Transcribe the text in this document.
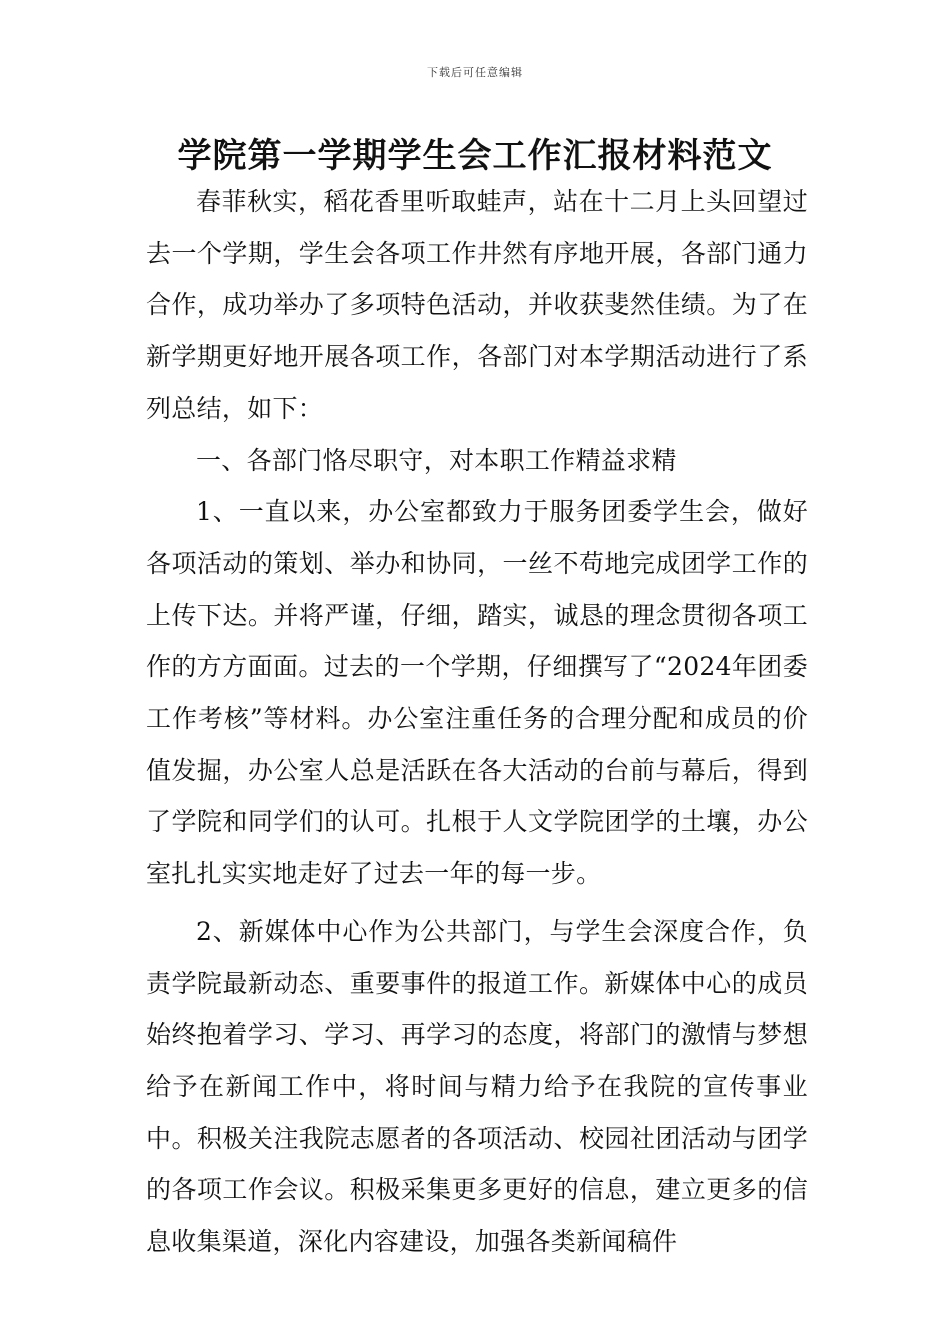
下载后可任意编辑
学院第一学期学生会工作汇报材料范文

春菲秋实，稻花香里听取蛙声，站在十二月上头回望过去一个学期，学生会各项工作井然有序地开展，各部门通力合作，成功举办了多项特色活动，并收获斐然佳绩。为了在新学期更好地开展各项工作，各部门对本学期活动进行了系列总结，如下：

一、各部门恪尽职守，对本职工作精益求精

1、一直以来，办公室都致力于服务团委学生会，做好各项活动的策划、举办和协同，一丝不苟地完成团学工作的上传下达。并将严谨，仔细，踏实，诚恳的理念贯彻各项工作的方方面面。过去的一个学期，仔细撰写了“2024年团委工作考核”等材料。办公室注重任务的合理分配和成员的价值发掘，办公室人总是活跃在各大活动的台前与幕后，得到了学院和同学们的认可。扎根于人文学院团学的土壤，办公室扎扎实实地走好了过去一年的每一步。

2、新媒体中心作为公共部门，与学生会深度合作，负责学院最新动态、重要事件的报道工作。新媒体中心的成员始终抱着学习、学习、再学习的态度，将部门的激情与梦想给予在新闻工作中，将时间与精力给予在我院的宣传事业中。积极关注我院志愿者的各项活动、校园社团活动与团学的各项工作会议。积极采集更多更好的信息，建立更多的信息收集渠道，深化内容建设，加强各类新闻稿件
